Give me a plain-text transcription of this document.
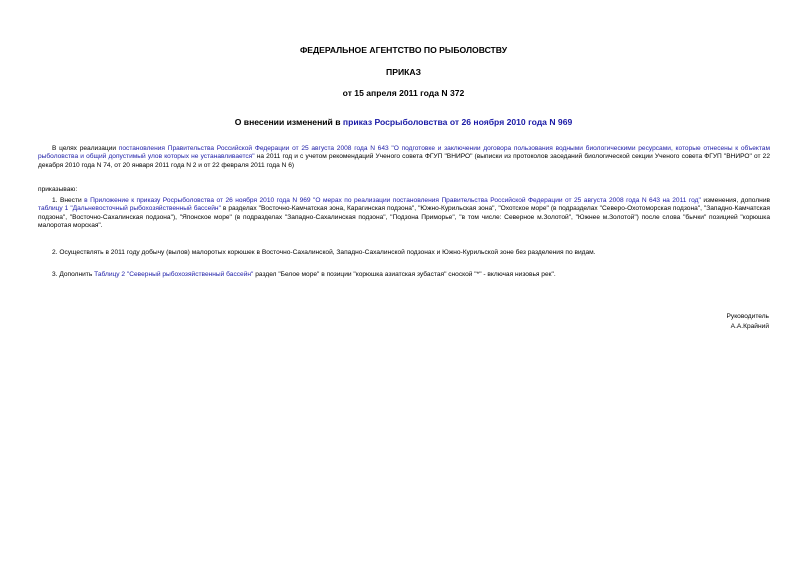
ФЕДЕРАЛЬНОЕ АГЕНТСТВО ПО РЫБОЛОВСТВУ
ПРИКАЗ
от 15 апреля 2011 года N 372
О внесении изменений в приказ Росрыболовства от 26 ноября 2010 года N 969
В целях реализации постановления Правительства Российской Федерации от 25 августа 2008 года N 643 "О подготовке и заключении договора пользования водными биологическими ресурсами, которые отнесены к объектам рыболовства и общий допустимый улов которых не устанавливается" на 2011 год и с учетом рекомендаций Ученого совета ФГУП "ВНИРО" (выписки из протоколов заседаний биологической секции Ученого совета ФГУП "ВНИРО" от 22 декабря 2010 года N 74, от 20 января 2011 года N 2 и от 22 февраля 2011 года N 6)
приказываю:
1. Внести в Приложение к приказу Росрыболовства от 26 ноября 2010 года N 969 "О мерах по реализации постановления Правительства Российской Федерации от 25 августа 2008 года N 643 на 2011 год" изменения, дополнив таблицу 1 "Дальневосточный рыбохозяйственный бассейн" в разделах "Восточно-Камчатская зона, Карагинская подзона", "Южно-Курильская зона", "Охотское море" (в подразделах "Северо-Охотоморская подзона", "Западно-Камчатская подзона", "Восточно-Сахалинская подзона"), "Японское море" (в подразделах "Западно-Сахалинская подзона", "Подзона Приморье", "в том числе: Северное м.Золотой", "Южнее м.Золотой") после слова "бычки" позицией "корюшка малоротая морская".
2. Осуществлять в 2011 году добычу (вылов) малоротых корюшек в Восточно-Сахалинской, Западно-Сахалинской подзонах и Южно-Курильской зоне без разделения по видам.
3. Дополнить Таблицу 2 "Северный рыбохозяйственный бассейн" раздел "Белое море" в позиции "корюшка азиатская зубастая" сноской "*" - включая низовья рек".
Руководитель
А.А.Крайний
